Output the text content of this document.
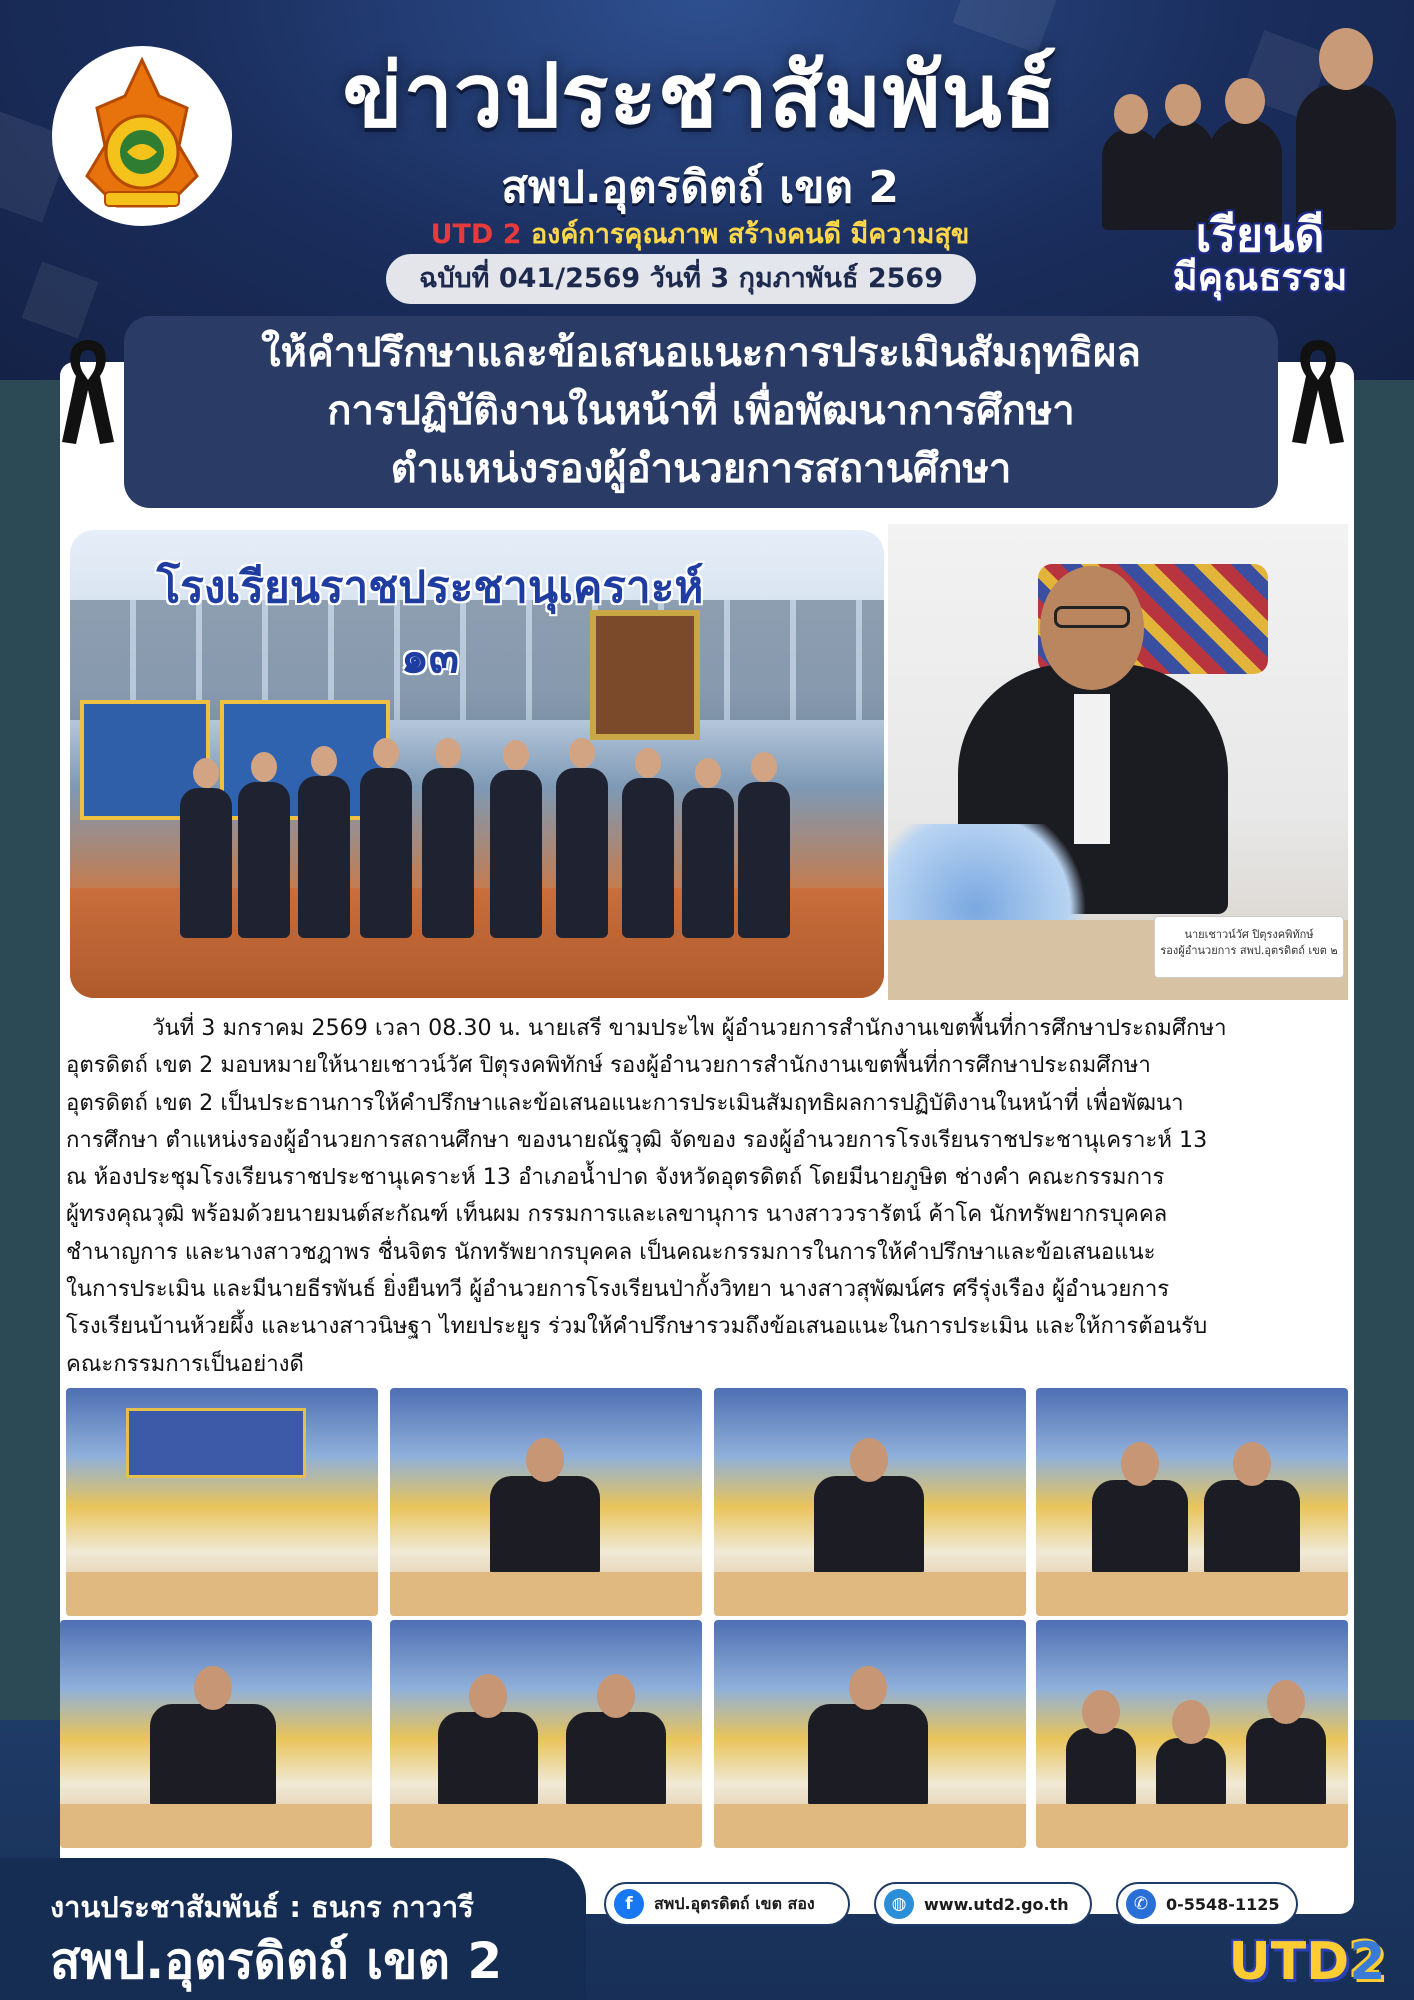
ข่าวประชาสัมพันธ์
สพป.อุตรดิตถ์ เขต 2
UTD 2 องค์การคุณภาพ สร้างคนดี มีความสุข
ฉบับที่ 041/2569 วันที่ 3 กุมภาพันธ์ 2569
เรียนดี
มีคุณธรรม
ให้คำปรึกษาและข้อเสนอแนะการประเมินสัมฤทธิผล
การปฏิบัติงานในหน้าที่ เพื่อพัฒนาการศึกษา
ตำแหน่งรองผู้อำนวยการสถานศึกษา
โรงเรียนราชประชานุเคราะห์ ๑๓
นายเชาวน์วัศ ปิตุรงคพิทักษ์
รองผู้อำนวยการ สพป.อุตรดิตถ์ เขต ๒
วันที่ 3 มกราคม 2569 เวลา 08.30 น. นายเสรี ขามประไพ ผู้อำนวยการสำนักงานเขตพื้นที่การศึกษาประถมศึกษา
อุตรดิตถ์ เขต 2 มอบหมายให้นายเชาวน์วัศ ปิตุรงคพิทักษ์ รองผู้อำนวยการสำนักงานเขตพื้นที่การศึกษาประถมศึกษา
อุตรดิตถ์ เขต 2 เป็นประธานการให้คำปรึกษาและข้อเสนอแนะการประเมินสัมฤทธิผลการปฏิบัติงานในหน้าที่ เพื่อพัฒนา
การศึกษา ตำแหน่งรองผู้อำนวยการสถานศึกษา ของนายณัฐวุฒิ จัดของ รองผู้อำนวยการโรงเรียนราชประชานุเคราะห์ 13
ณ ห้องประชุมโรงเรียนราชประชานุเคราะห์ 13 อำเภอน้ำปาด จังหวัดอุตรดิตถ์ โดยมีนายภูษิต ช่างคำ คณะกรรมการ
ผู้ทรงคุณวุฒิ พร้อมด้วยนายมนต์สะกัณฑ์ เท็นผม กรรมการและเลขานุการ นางสาววรารัตน์ ค้าโค นักทรัพยากรบุคคล
ชำนาญการ และนางสาวชฎาพร ชื่นจิตร นักทรัพยากรบุคคล เป็นคณะกรรมการในการให้คำปรึกษาและข้อเสนอแนะ
ในการประเมิน และมีนายธีรพันธ์ ยิ่งยืนทวี ผู้อำนวยการโรงเรียนป่ากั้งวิทยา นางสาวสุพัฒน์ศร ศรีรุ่งเรือง ผู้อำนวยการ
โรงเรียนบ้านห้วยผึ้ง และนางสาวนิษฐา ไทยประยูร ร่วมให้คำปรึกษารวมถึงข้อเสนอแนะในการประเมิน และให้การต้อนรับ
คณะกรรมการเป็นอย่างดี
งานประชาสัมพันธ์ : ธนกร กาวารี
สพป.อุตรดิตถ์ เขต 2
f	สพป.อุตรดิตถ์ เขต สอง	◍	www.utd2.go.th	✆	0-5548-1125
UTD2
